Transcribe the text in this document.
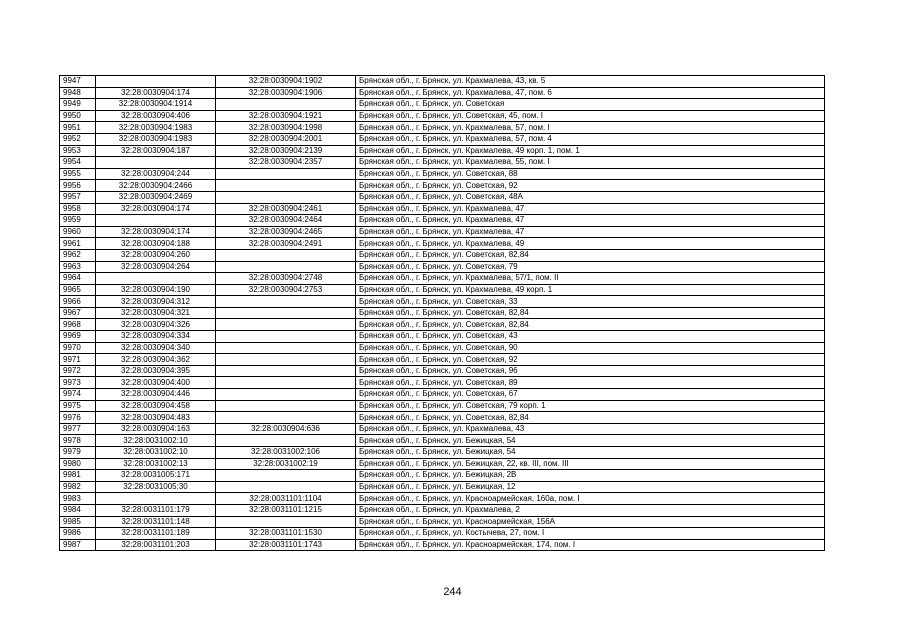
9947		32:28:0030904:1902	Брянская обл., г. Брянск, ул. Крахмалева, 43, кв. 5
9948	32:28:0030904:174	32:28:0030904:1906	Брянская обл., г. Брянск, ул. Крахмалева, 47, пом. 6
9949	32:28:0030904:1914		Брянская обл., г. Брянск, ул. Советская
9950	32:28:0030904:406	32:28:0030904:1921	Брянская обл., г. Брянск, ул. Советская, 45, пом. I
9951	32:28:0030904:1983	32:28:0030904:1998	Брянская обл., г. Брянск, ул. Крахмалева, 57, пом. I
9952	32:28:0030904:1983	32:28:0030904:2001	Брянская обл., г. Брянск, ул. Крахмалева, 57, пом. 4
9953	32:28:0030904:187	32:28:0030904:2139	Брянская обл., г. Брянск, ул. Крахмалева, 49 корп. 1, пом. 1
9954		32:28:0030904:2357	Брянская обл., г. Брянск, ул. Крахмалева, 55, пом. I
9955	32:28:0030904:244		Брянская обл., г. Брянск, ул. Советская, 88
9956	32:28:0030904:2466		Брянская обл., г. Брянск, ул. Советская, 92
9957	32:28:0030904:2469		Брянская обл., г. Брянск, ул. Советская, 48А
9958	32:28:0030904:174	32:28:0030904:2461	Брянская обл., г. Брянск, ул. Крахмалева, 47
9959		32:28:0030904:2464	Брянская обл., г. Брянск, ул. Крахмалева, 47
9960	32:28:0030904:174	32:28:0030904:2465	Брянская обл., г. Брянск, ул. Крахмалева, 47
9961	32:28:0030904:188	32:28:0030904:2491	Брянская обл., г. Брянск, ул. Крахмалева, 49
9962	32:28:0030904:260		Брянская обл., г. Брянск, ул. Советская, 82,84
9963	32:28:0030904:264		Брянская обл., г. Брянск, ул. Советская, 79
9964		32:28:0030904:2748	Брянская обл., г. Брянск, ул. Крахмалева, 57/1, пом. II
9965	32:28:0030904:190	32:28:0030904:2753	Брянская обл., г. Брянск, ул. Крахмалева, 49 корп. 1
9966	32:28:0030904:312		Брянская обл., г. Брянск, ул. Советская, 33
9967	32:28:0030904:321		Брянская обл., г. Брянск, ул. Советская, 82,84
9968	32:28:0030904:326		Брянская обл., г. Брянск, ул. Советская, 82,84
9969	32:28:0030904:334		Брянская обл., г. Брянск, ул. Советская, 43
9970	32:28:0030904:340		Брянская обл., г. Брянск, ул. Советская, 90
9971	32:28:0030904:362		Брянская обл., г. Брянск, ул. Советская, 92
9972	32:28:0030904:395		Брянская обл., г. Брянск, ул. Советская, 96
9973	32:28:0030904:400		Брянская обл., г. Брянск, ул. Советская, 89
9974	32:28:0030904:446		Брянская обл., г. Брянск, ул. Советская, 67
9975	32:28:0030904:458		Брянская обл., г. Брянск, ул. Советская, 79 корп. 1
9976	32:28:0030904:483		Брянская обл., г. Брянск, ул. Советская, 82,84
9977	32:28:0030904:163	32:28:0030904:636	Брянская обл., г. Брянск, ул. Крахмалева, 43
9978	32:28:0031002:10		Брянская обл., г. Брянск, ул. Бежицкая, 54
9979	32:28:0031002:10	32:28:0031002:106	Брянская обл., г. Брянск, ул. Бежицкая, 54
9980	32:28:0031002:13	32:28:0031002:19	Брянская обл., г. Брянск, ул. Бежицкая, 22, кв. III, пом. III
9981	32:28:0031005:171		Брянская обл., г. Брянск, ул. Бежицкая, 2В
9982	32:28:0031005:30		Брянская обл., г. Брянск, ул. Бежицкая, 12
9983		32:28:0031101:1104	Брянская обл., г. Брянск, ул. Красноармейская, 160а, пом. I
9984	32:28:0031101:179	32:28:0031101:1215	Брянская обл., г. Брянск, ул. Крахмалева, 2
9985	32:28:0031101:148		Брянская обл., г. Брянск, ул. Красноармейская, 156А
9986	32:28:0031101:189	32:28:0031101:1530	Брянская обл., г. Брянск, ул. Костычева, 27, пом. I
9987	32:28:0031101:203	32:28:0031101:1743	Брянская обл., г. Брянск, ул. Красноармейская, 174, пом. I
244
